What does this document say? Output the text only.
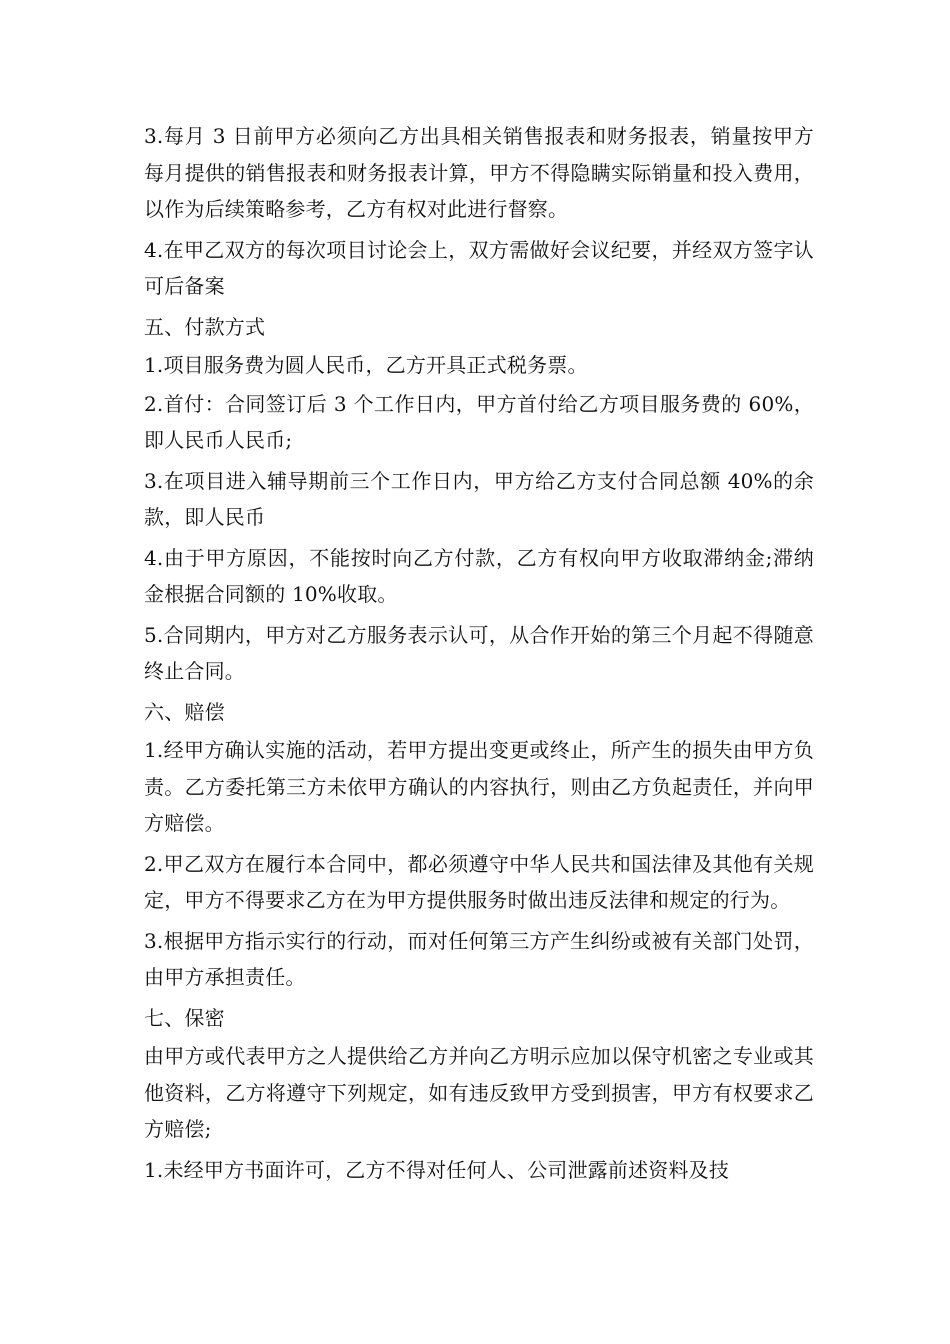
3.每月 3 日前甲方必须向乙方出具相关销售报表和财务报表，销量按甲方每月提供的销售报表和财务报表计算，甲方不得隐瞒实际销量和投入费用，以作为后续策略参考，乙方有权对此进行督察。

4.在甲乙双方的每次项目讨论会上，双方需做好会议纪要，并经双方签字认可后备案

五、付款方式

1.项目服务费为圆人民币，乙方开具正式税务票。

2.首付：合同签订后 3 个工作日内，甲方首付给乙方项目服务费的 60%，即人民币人民币;

3.在项目进入辅导期前三个工作日内，甲方给乙方支付合同总额 40%的余款，即人民币

4.由于甲方原因，不能按时向乙方付款，乙方有权向甲方收取滞纳金;滞纳金根据合同额的 10%收取。

5.合同期内，甲方对乙方服务表示认可，从合作开始的第三个月起不得随意终止合同。

六、赔偿

1.经甲方确认实施的活动，若甲方提出变更或终止，所产生的损失由甲方负责。乙方委托第三方未依甲方确认的内容执行，则由乙方负起责任，并向甲方赔偿。

2.甲乙双方在履行本合同中，都必须遵守中华人民共和国法律及其他有关规定，甲方不得要求乙方在为甲方提供服务时做出违反法律和规定的行为。

3.根据甲方指示实行的行动，而对任何第三方产生纠纷或被有关部门处罚，由甲方承担责任。

七、保密

由甲方或代表甲方之人提供给乙方并向乙方明示应加以保守机密之专业或其他资料，乙方将遵守下列规定，如有违反致甲方受到损害，甲方有权要求乙方赔偿;

1.未经甲方书面许可，乙方不得对任何人、公司泄露前述资料及技
